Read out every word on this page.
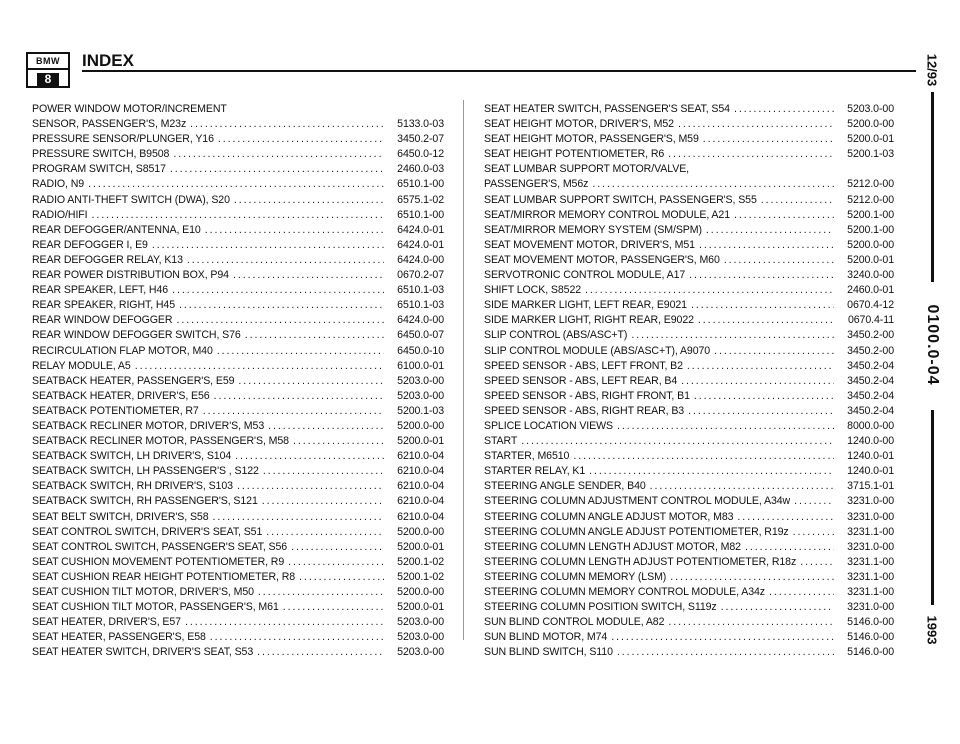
BMW
8
INDEX
POWER WINDOW MOTOR/INCREMENT
SENSOR, PASSENGER'S, M23z . . .	5133.0-03
PRESSURE SENSOR/PLUNGER, Y16 . . .	3450.2-07
PRESSURE SWITCH, B9508 . . .	6450.0-12
PROGRAM SWITCH, S8517 . . .	2460.0-03
RADIO, N9 . . .	6510.1-00
RADIO ANTI-THEFT SWITCH (DWA), S20 . . .	6575.1-02
RADIO/HIFI . . .	6510.1-00
REAR DEFOGGER/ANTENNA, E10 . . .	6424.0-01
REAR DEFOGGER I, E9 . . .	6424.0-01
REAR DEFOGGER RELAY, K13 . . .	6424.0-00
REAR POWER DISTRIBUTION BOX, P94 . . .	0670.2-07
REAR SPEAKER, LEFT, H46 . . .	6510.1-03
REAR SPEAKER, RIGHT, H45 . . .	6510.1-03
REAR WINDOW DEFOGGER . . .	6424.0-00
REAR WINDOW DEFOGGER SWITCH, S76 . . .	6450.0-07
RECIRCULATION FLAP MOTOR, M40 . . .	6450.0-10
RELAY MODULE, A5 . . .	6100.0-01
SEATBACK HEATER, PASSENGER'S, E59 . . .	5203.0-00
SEATBACK HEATER, DRIVER'S, E56 . . .	5203.0-00
SEATBACK POTENTIOMETER, R7 . . .	5200.1-03
SEATBACK RECLINER MOTOR, DRIVER'S, M53 . . .	5200.0-00
SEATBACK RECLINER MOTOR, PASSENGER'S, M58 . . .	5200.0-01
SEATBACK SWITCH, LH DRIVER'S, S104 . . .	6210.0-04
SEATBACK SWITCH, LH PASSENGER'S , S122 . . .	6210.0-04
SEATBACK SWITCH, RH DRIVER'S, S103 . . .	6210.0-04
SEATBACK SWITCH, RH PASSENGER'S, S121 . . .	6210.0-04
SEAT BELT SWITCH, DRIVER'S, S58 . . .	6210.0-04
SEAT CONTROL SWITCH, DRIVER'S SEAT, S51 . . .	5200.0-00
SEAT CONTROL SWITCH, PASSENGER'S SEAT, S56 . . .	5200.0-01
SEAT CUSHION MOVEMENT POTENTIOMETER, R9 . . .	5200.1-02
SEAT CUSHION REAR HEIGHT POTENTIOMETER, R8 . . .	5200.1-02
SEAT CUSHION TILT MOTOR, DRIVER'S, M50 . . .	5200.0-00
SEAT CUSHION TILT MOTOR, PASSENGER'S, M61 . . .	5200.0-01
SEAT HEATER, DRIVER'S, E57 . . .	5203.0-00
SEAT HEATER, PASSENGER'S, E58 . . .	5203.0-00
SEAT HEATER SWITCH, DRIVER'S SEAT, S53 . . .	5203.0-00
SEAT HEATER SWITCH, PASSENGER'S SEAT, S54 . . .	5203.0-00
SEAT HEIGHT MOTOR, DRIVER'S, M52 . . .	5200.0-00
SEAT HEIGHT MOTOR, PASSENGER'S, M59 . . .	5200.0-01
SEAT HEIGHT POTENTIOMETER, R6 . . .	5200.1-03
SEAT LUMBAR SUPPORT MOTOR/VALVE,
PASSENGER'S, M56z . . .	5212.0-00
SEAT LUMBAR SUPPORT SWITCH, PASSENGER'S, S55 . . .	5212.0-00
SEAT/MIRROR MEMORY CONTROL MODULE, A21 . . .	5200.1-00
SEAT/MIRROR MEMORY SYSTEM (SM/SPM) . . .	5200.1-00
SEAT MOVEMENT MOTOR, DRIVER'S, M51 . . .	5200.0-00
SEAT MOVEMENT MOTOR, PASSENGER'S, M60 . . .	5200.0-01
SERVOTRONIC CONTROL MODULE, A17 . . .	3240.0-00
SHIFT LOCK, S8522 . . .	2460.0-01
SIDE MARKER LIGHT, LEFT REAR, E9021 . . .	0670.4-12
SIDE MARKER LIGHT, RIGHT REAR, E9022 . . .	0670.4-11
SLIP CONTROL (ABS/ASC+T) . . .	3450.2-00
SLIP CONTROL MODULE (ABS/ASC+T), A9070 . . .	3450.2-00
SPEED SENSOR - ABS, LEFT FRONT, B2 . . .	3450.2-04
SPEED SENSOR - ABS, LEFT REAR, B4 . . .	3450.2-04
SPEED SENSOR - ABS, RIGHT FRONT, B1 . . .	3450.2-04
SPEED SENSOR - ABS, RIGHT REAR, B3 . . .	3450.2-04
SPLICE LOCATION VIEWS . . .	8000.0-00
START . . .	1240.0-00
STARTER, M6510 . . .	1240.0-01
STARTER RELAY, K1 . . .	1240.0-01
STEERING ANGLE SENDER, B40 . . .	3715.1-01
STEERING COLUMN ADJUSTMENT CONTROL MODULE, A34w . . .	3231.0-00
STEERING COLUMN ANGLE ADJUST MOTOR, M83 . . .	3231.0-00
STEERING COLUMN ANGLE ADJUST POTENTIOMETER, R19z . . .	3231.1-00
STEERING COLUMN LENGTH ADJUST MOTOR, M82 . . .	3231.0-00
STEERING COLUMN LENGTH ADJUST POTENTIOMETER, R18z . . .	3231.1-00
STEERING COLUMN MEMORY (LSM) . . .	3231.1-00
STEERING COLUMN MEMORY CONTROL MODULE, A34z . . .	3231.1-00
STEERING COLUMN POSITION SWITCH, S119z . . .	3231.0-00
SUN BLIND CONTROL MODULE, A82 . . .	5146.0-00
SUN BLIND MOTOR, M74 . . .	5146.0-00
SUN BLIND SWITCH, S110 . . .	5146.0-00
12/93
0100.0-04
1993
